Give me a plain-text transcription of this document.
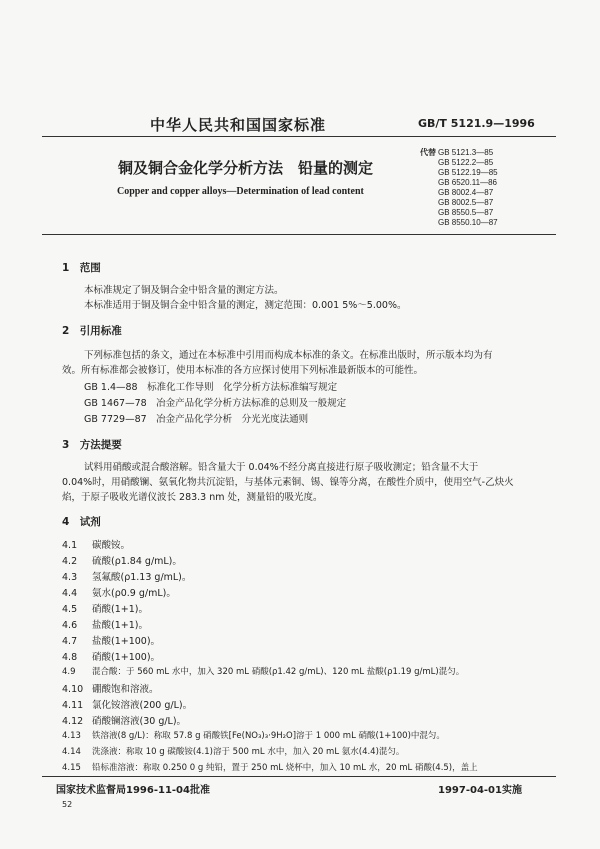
中华人民共和国国家标准	GB/T 5121.9—1996
铜及铜合金化学分析方法　铅量的测定
Copper and copper alloys—Determination of lead content
代替 GB 5121.3—85
GB 5122.2—85
GB 5122.19—85
GB 6520.11—86
GB 8002.4—87
GB 8002.5—87
GB 8550.5—87
GB 8550.10—87
1　范围
本标准规定了铜及铜合金中铅含量的测定方法。
本标准适用于铜及铜合金中铅含量的测定，测定范围：0.001 5%～5.00%。
2　引用标准
下列标准包括的条文，通过在本标准中引用而构成本标准的条文。在标准出版时，所示版本均为有
效。所有标准都会被修订，使用本标准的各方应探讨使用下列标准最新版本的可能性。
GB 1.4—88　标准化工作导则　化学分析方法标准编写规定
GB 1467—78　冶金产品化学分析方法标准的总则及一般规定
GB 7729—87　冶金产品化学分析　分光光度法通则
3　方法提要
试料用硝酸或混合酸溶解。铅含量大于 0.04%不经分离直接进行原子吸收测定；铅含量不大于
0.04%时，用硝酸镧、氨氧化物共沉淀铅，与基体元素铜、锡、镍等分离，在酸性介质中，使用空气-乙炔火
焰，于原子吸收光谱仪波长 283.3 nm 处，测量铅的吸光度。
4　试剂
4.1 碳酸铵。
4.2 硫酸(ρ1.84 g/mL)。
4.3 氢氟酸(ρ1.13 g/mL)。
4.4 氨水(ρ0.9 g/mL)。
4.5 硝酸(1+1)。
4.6 盐酸(1+1)。
4.7 盐酸(1+100)。
4.8 硝酸(1+100)。
4.9 混合酸：于 560 mL 水中，加入 320 mL 硝酸(ρ1.42 g/mL)、120 mL 盐酸(ρ1.19 g/mL)混匀。
4.10 硼酸饱和溶液。
4.11 氯化铵溶液(200 g/L)。
4.12 硝酸镧溶液(30 g/L)。
4.13 铁溶液(8 g/L)：称取 57.8 g 硝酸铁[Fe(NO₃)₃·9H₂O]溶于 1 000 mL 硝酸(1+100)中混匀。
4.14 洗涤液：称取 10 g 碳酸铵(4.1)溶于 500 mL 水中，加入 20 mL 氨水(4.4)混匀。
4.15 铅标准溶液：称取 0.250 0 g 纯铅，置于 250 mL 烧杯中，加入 10 mL 水，20 mL 硝酸(4.5)，盖上
国家技术监督局1996-11-04批准	1997-04-01实施
52
